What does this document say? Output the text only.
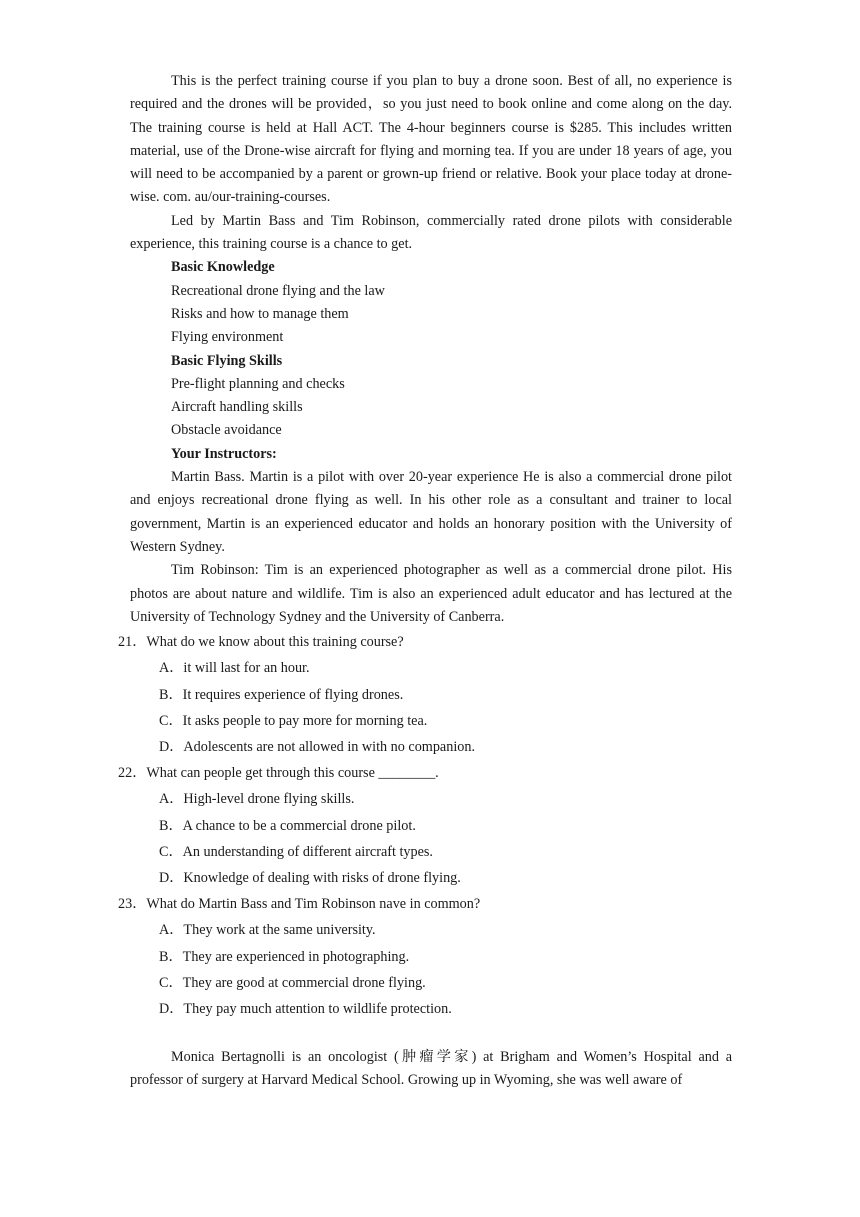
This is the perfect training course if you plan to buy a drone soon. Best of all, no experience is required and the drones will be provided，so you just need to book online and come along on the day. The training course is held at Hall ACT. The 4-hour beginners course is $285. This includes written material, use of the Drone-wise aircraft for flying and morning tea. If you are under 18 years of age, you will need to be accompanied by a parent or grown-up friend or relative. Book your place today at drone-wise. com. au/our-training-courses.

Led by Martin Bass and Tim Robinson, commercially rated drone pilots with considerable experience, this training course is a chance to get.

Basic Knowledge
Recreational drone flying and the law
Risks and how to manage them
Flying environment
Basic Flying Skills
Pre-flight planning and checks
Aircraft handling skills
Obstacle avoidance
Your Instructors:

Martin Bass. Martin is a pilot with over 20-year experience He is also a commercial drone pilot and enjoys recreational drone flying as well. In his other role as a consultant and trainer to local government, Martin is an experienced educator and holds an honorary position with the University of Western Sydney.

Tim Robinson: Tim is an experienced photographer as well as a commercial drone pilot. His photos are about nature and wildlife. Tim is also an experienced adult educator and has lectured at the University of Technology Sydney and the University of Canberra.

21．What do we know about this training course?
A．it will last for an hour.
B．It requires experience of flying drones.
C．It asks people to pay more for morning tea.
D．Adolescents are not allowed in with no companion.
22．What can people get through this course ________.
A．High-level drone flying skills.
B．A chance to be a commercial drone pilot.
C．An understanding of different aircraft types.
D．Knowledge of dealing with risks of drone flying.
23．What do Martin Bass and Tim Robinson nave in common?
A．They work at the same university.
B．They are experienced in photographing.
C．They are good at commercial drone flying.
D．They pay much attention to wildlife protection.

Monica Bertagnolli is an oncologist (肿瘤学家) at Brigham and Women’s Hospital and a professor of surgery at Harvard Medical School. Growing up in Wyoming, she was well aware of
